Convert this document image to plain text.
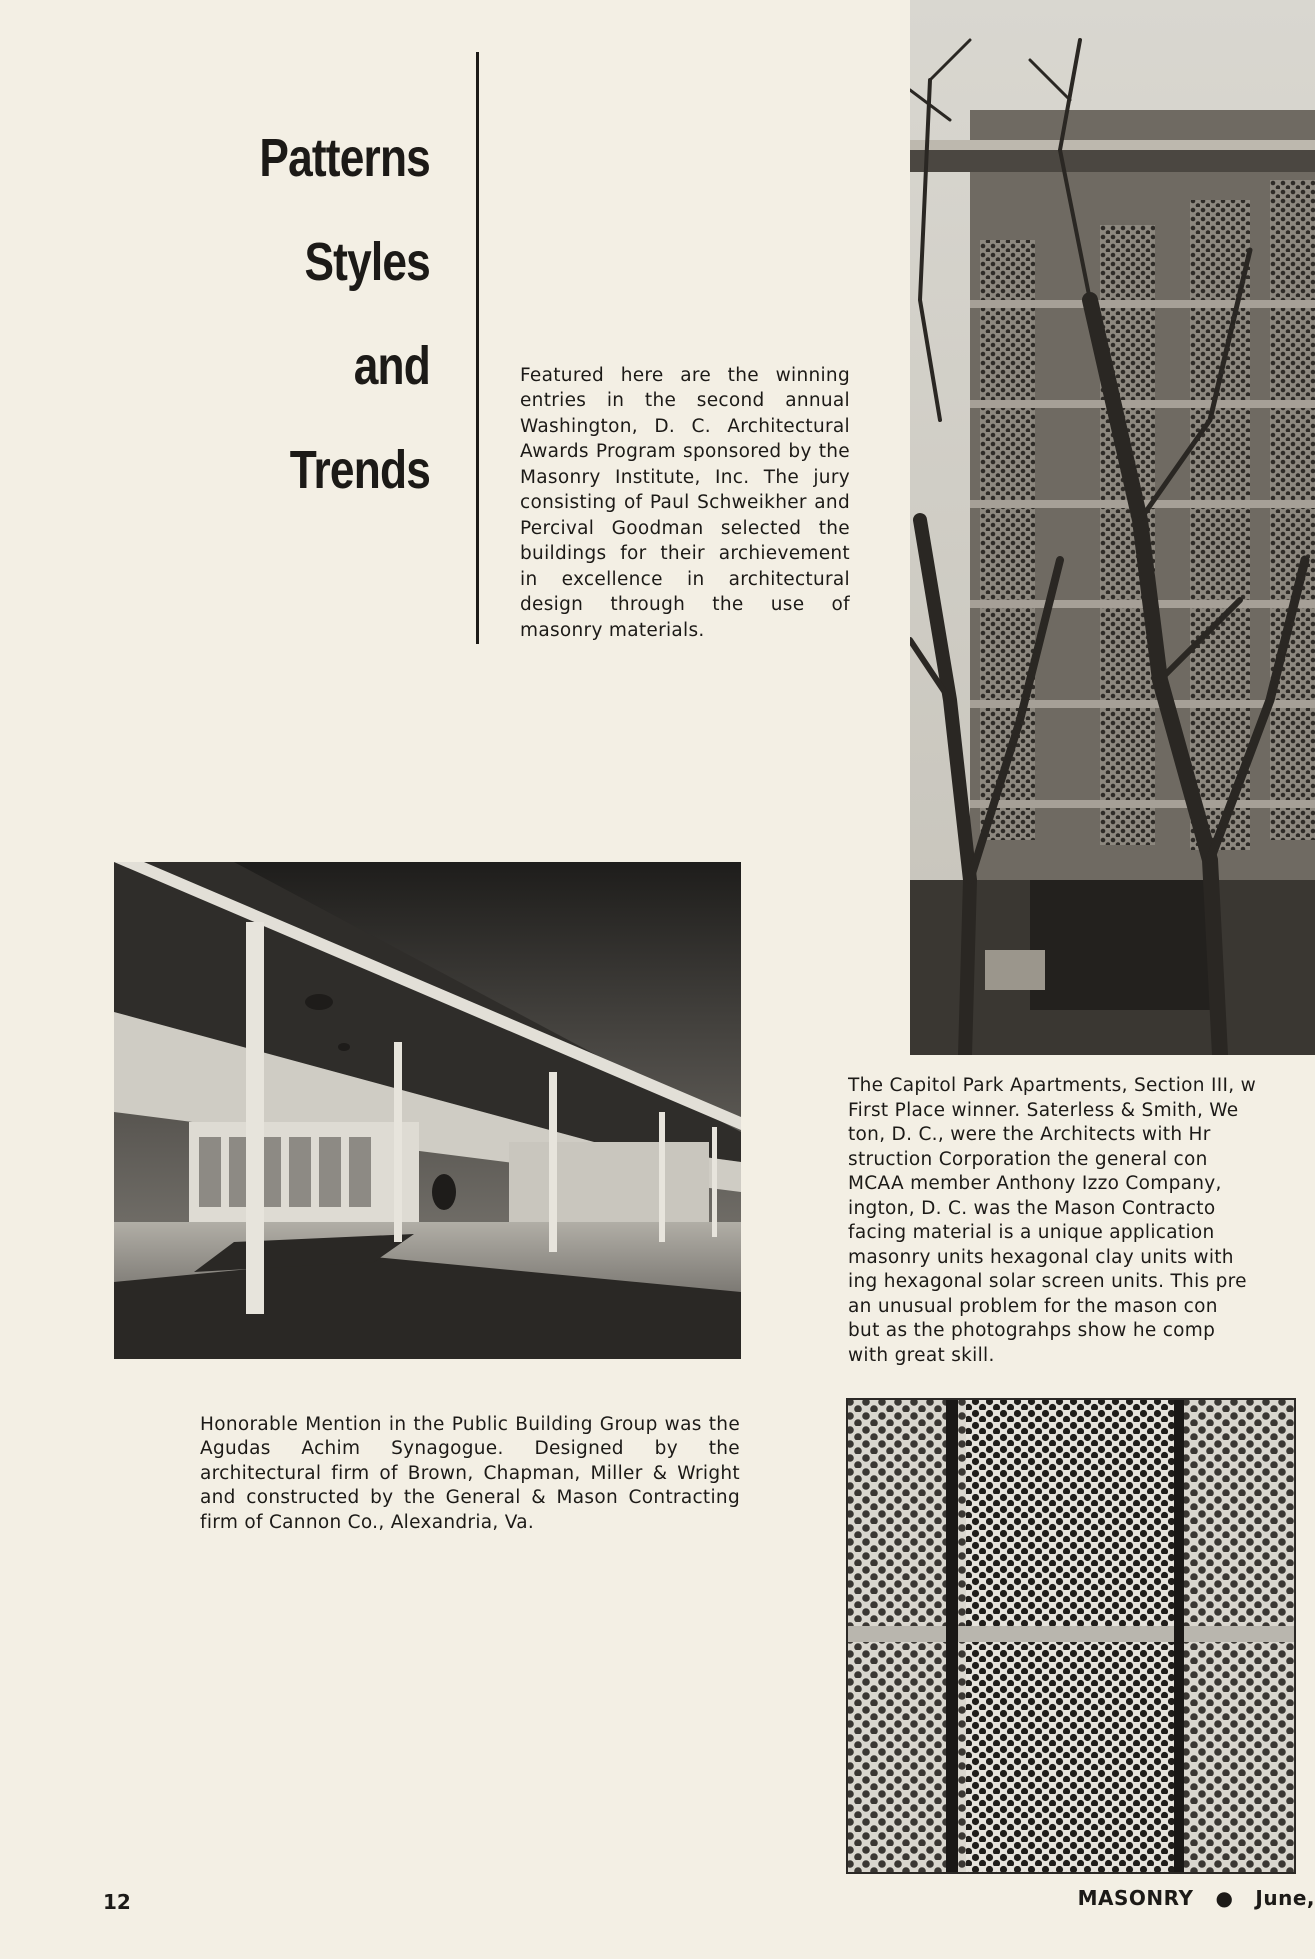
Patterns
Styles
and
Trends

Featured here are the winning entries in the second annual Washington, D. C. Architectural Awards Program sponsored by the Masonry Institute, Inc. The jury consisting of Paul Schweikher and Percival Goodman selected the buildings for their archievement in excellence in architectural design through the use of masonry materials.

Honorable Mention in the Public Building Group was the Agudas Achim Synagogue. Designed by the architectural firm of Brown, Chapman, Miller & Wright and constructed by the General & Mason Contracting firm of Cannon Co., Alexandria, Va.

The Capitol Park Apartments, Section III, w
First Place winner. Saterless & Smith, We
ton, D. C., were the Architects with Hr
struction Corporation the general con
MCAA member Anthony Izzo Company,
ington, D. C. was the Mason Contracto
facing material is a unique application
masonry units hexagonal clay units with
ing hexagonal solar screen units. This pre
an unusual problem for the mason con
but as the photograhps show he comp
with great skill.
12	MASONRY ● June,
